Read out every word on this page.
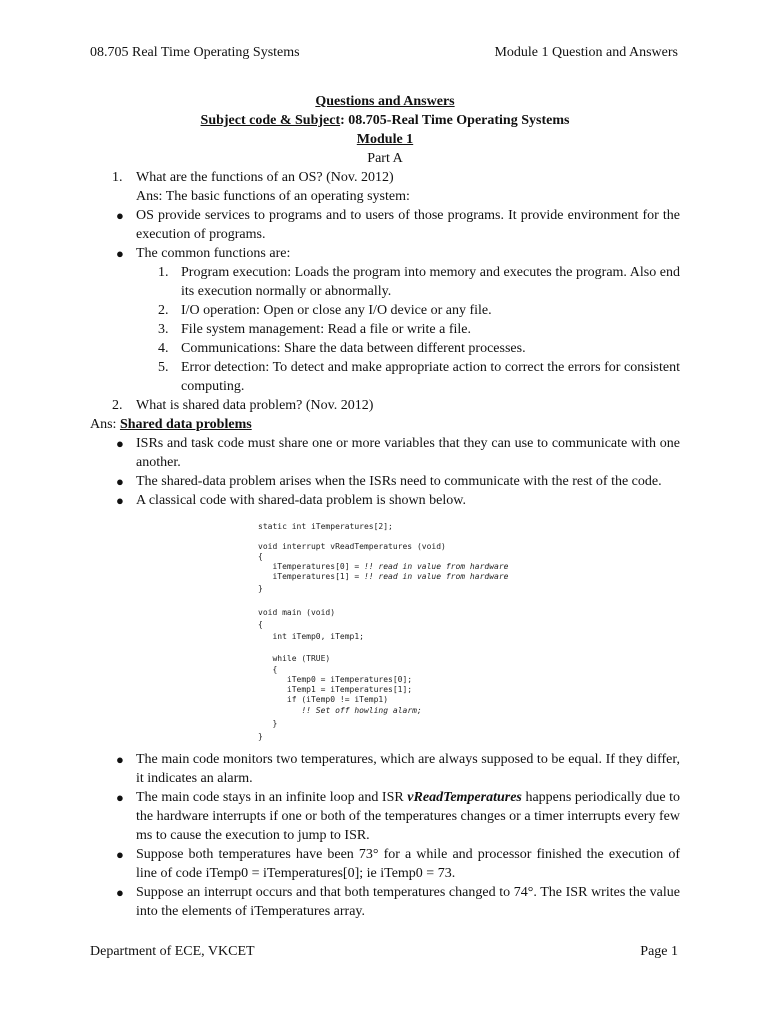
08.705 Real Time Operating Systems	Module 1 Question and Answers
Questions and Answers
Subject code & Subject: 08.705-Real Time Operating Systems
Module 1
Part A
1. What are the functions of an OS? (Nov. 2012)
Ans: The basic functions of an operating system:
● OS provide services to programs and to users of those programs. It provide environment for the execution of programs.
● The common functions are:
1. Program execution: Loads the program into memory and executes the program. Also end its execution normally or abnormally.
2. I/O operation: Open or close any I/O device or any file.
3. File system management: Read a file or write a file.
4. Communications: Share the data between different processes.
5. Error detection: To detect and make appropriate action to correct the errors for consistent computing.
2. What is shared data problem? (Nov. 2012)
Ans: Shared data problems
● ISRs and task code must share one or more variables that they can use to communicate with one another.
● The shared-data problem arises when the ISRs need to communicate with the rest of the code.
● A classical code with shared-data problem is shown below.

static int iTemperatures[2];

void interrupt vReadTemperatures (void)

{

iTemperatures[0] = !! read in value from hardware

iTemperatures[1] = !! read in value from hardware

}

void main (void)

{

int iTemp0, iTemp1;

while (TRUE)

{

iTemp0 = iTemperatures[0];

iTemp1 = iTemperatures[1];

if (iTemp0 != iTemp1)

!! Set off howling alarm;

}

}

● The main code monitors two temperatures, which are always supposed to be equal. If they differ, it indicates an alarm.
● The main code stays in an infinite loop and ISR vReadTemperatures happens periodically due to the hardware interrupts if one or both of the temperatures changes or a timer interrupts every few ms to cause the execution to jump to ISR.
● Suppose both temperatures have been 73° for a while and processor finished the execution of line of code iTemp0 = iTemperatures[0]; ie iTemp0 = 73.
● Suppose an interrupt occurs and that both temperatures changed to 74°. The ISR writes the value into the elements of iTemperatures array.
Department of ECE, VKCET	Page 1
